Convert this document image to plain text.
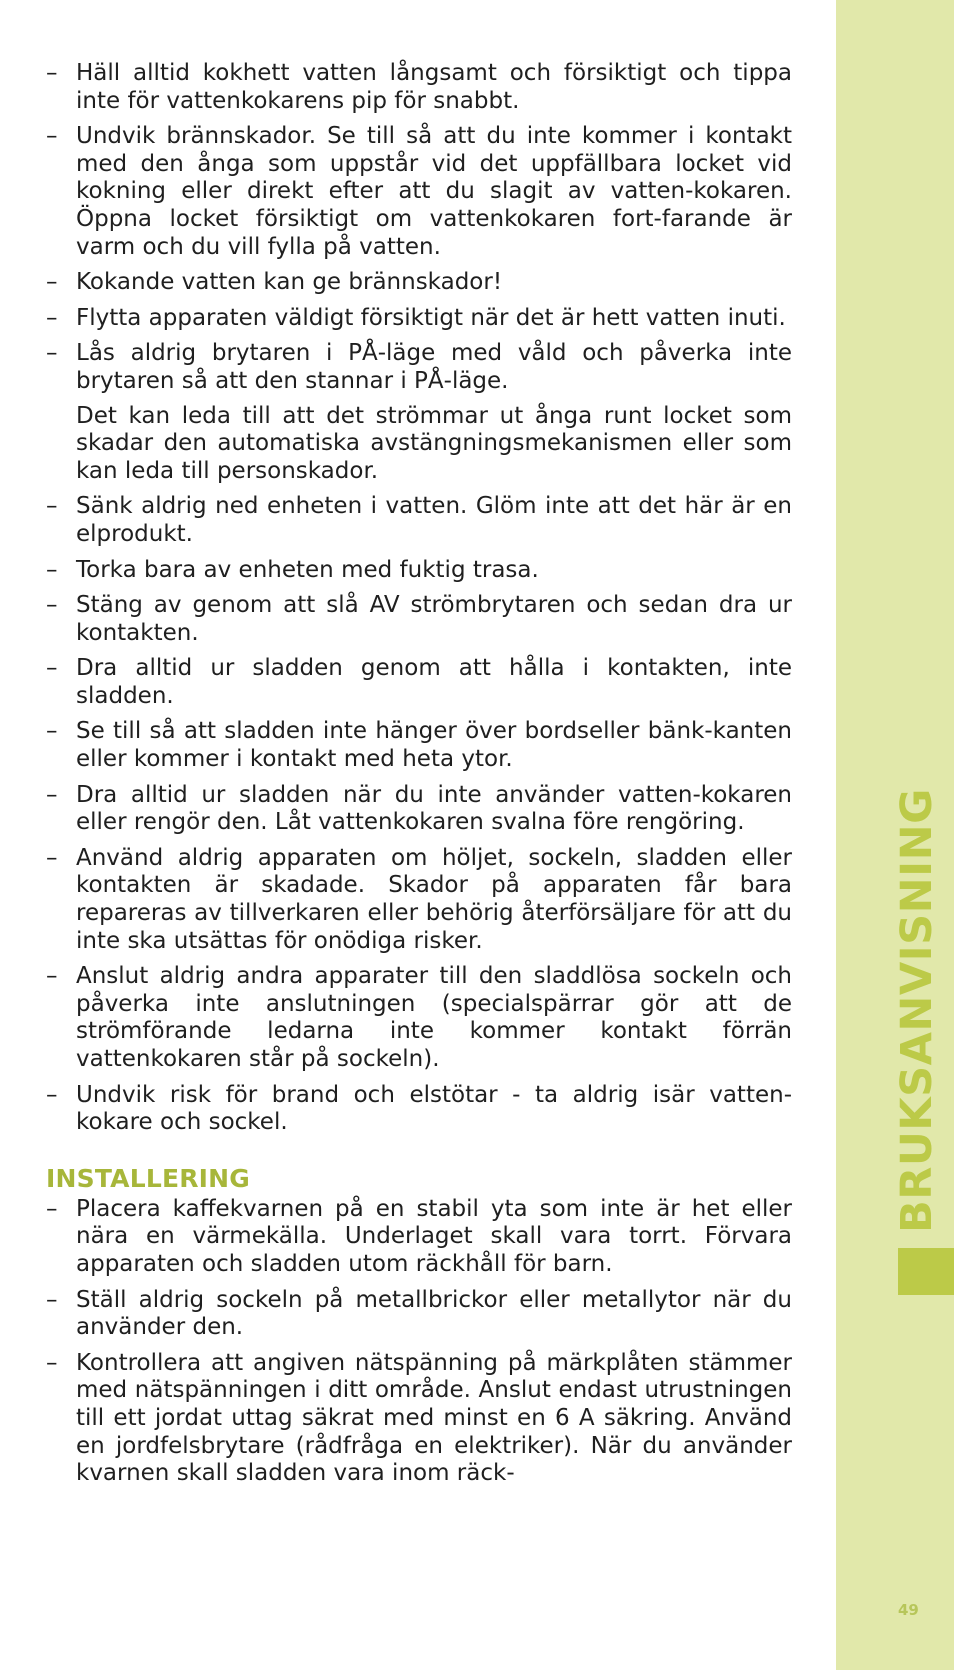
BRUKSANVISNING
49
– Häll alltid kokhett vatten långsamt och försiktigt och tippa inte för vattenkokarens pip för snabbt.
– Undvik brännskador. Se till så att du inte kommer i kontakt med den ånga som uppstår vid det uppfällbara locket vid kokning eller direkt efter att du slagit av vatten-kokaren. Öppna locket försiktigt om vattenkokaren fort-farande är varm och du vill fylla på vatten.
– Kokande vatten kan ge brännskador!
– Flytta apparaten väldigt försiktigt när det är hett vatten inuti.
– Lås aldrig brytaren i PÅ-läge med våld och påverka inte brytaren så att den stannar i PÅ-läge.
Det kan leda till att det strömmar ut ånga runt locket som skadar den automatiska avstängningsmekanismen eller som kan leda till personskador.
– Sänk aldrig ned enheten i vatten. Glöm inte att det här är en elprodukt.
– Torka bara av enheten med fuktig trasa.
– Stäng av genom att slå AV strömbrytaren och sedan dra ur kontakten.
– Dra alltid ur sladden genom att hålla i kontakten, inte sladden.
– Se till så att sladden inte hänger över bordseller bänk-kanten eller kommer i kontakt med heta ytor.
– Dra alltid ur sladden när du inte använder vatten-kokaren eller rengör den. Låt vattenkokaren svalna före rengöring.
– Använd aldrig apparaten om höljet, sockeln, sladden eller kontakten är skadade. Skador på apparaten får bara repareras av tillverkaren eller behörig återförsäljare för att du inte ska utsättas för onödiga risker.
– Anslut aldrig andra apparater till den sladdlösa sockeln och påverka inte anslutningen (specialspärrar gör att de strömförande ledarna inte kommer kontakt förrän vattenkokaren står på sockeln).
– Undvik risk för brand och elstötar - ta aldrig isär vatten-kokare och sockel.
INSTALLERING
– Placera kaffekvarnen på en stabil yta som inte är het eller nära en värmekälla. Underlaget skall vara torrt. Förvara apparaten och sladden utom räckhåll för barn.
– Ställ aldrig sockeln på metallbrickor eller metallytor när du använder den.
– Kontrollera att angiven nätspänning på märkplåten stämmer med nätspänningen i ditt område. Anslut endast utrustningen till ett jordat uttag säkrat med minst en 6 A säkring. Använd en jordfelsbrytare (rådfråga en elektriker). När du använder kvarnen skall sladden vara inom räck-
